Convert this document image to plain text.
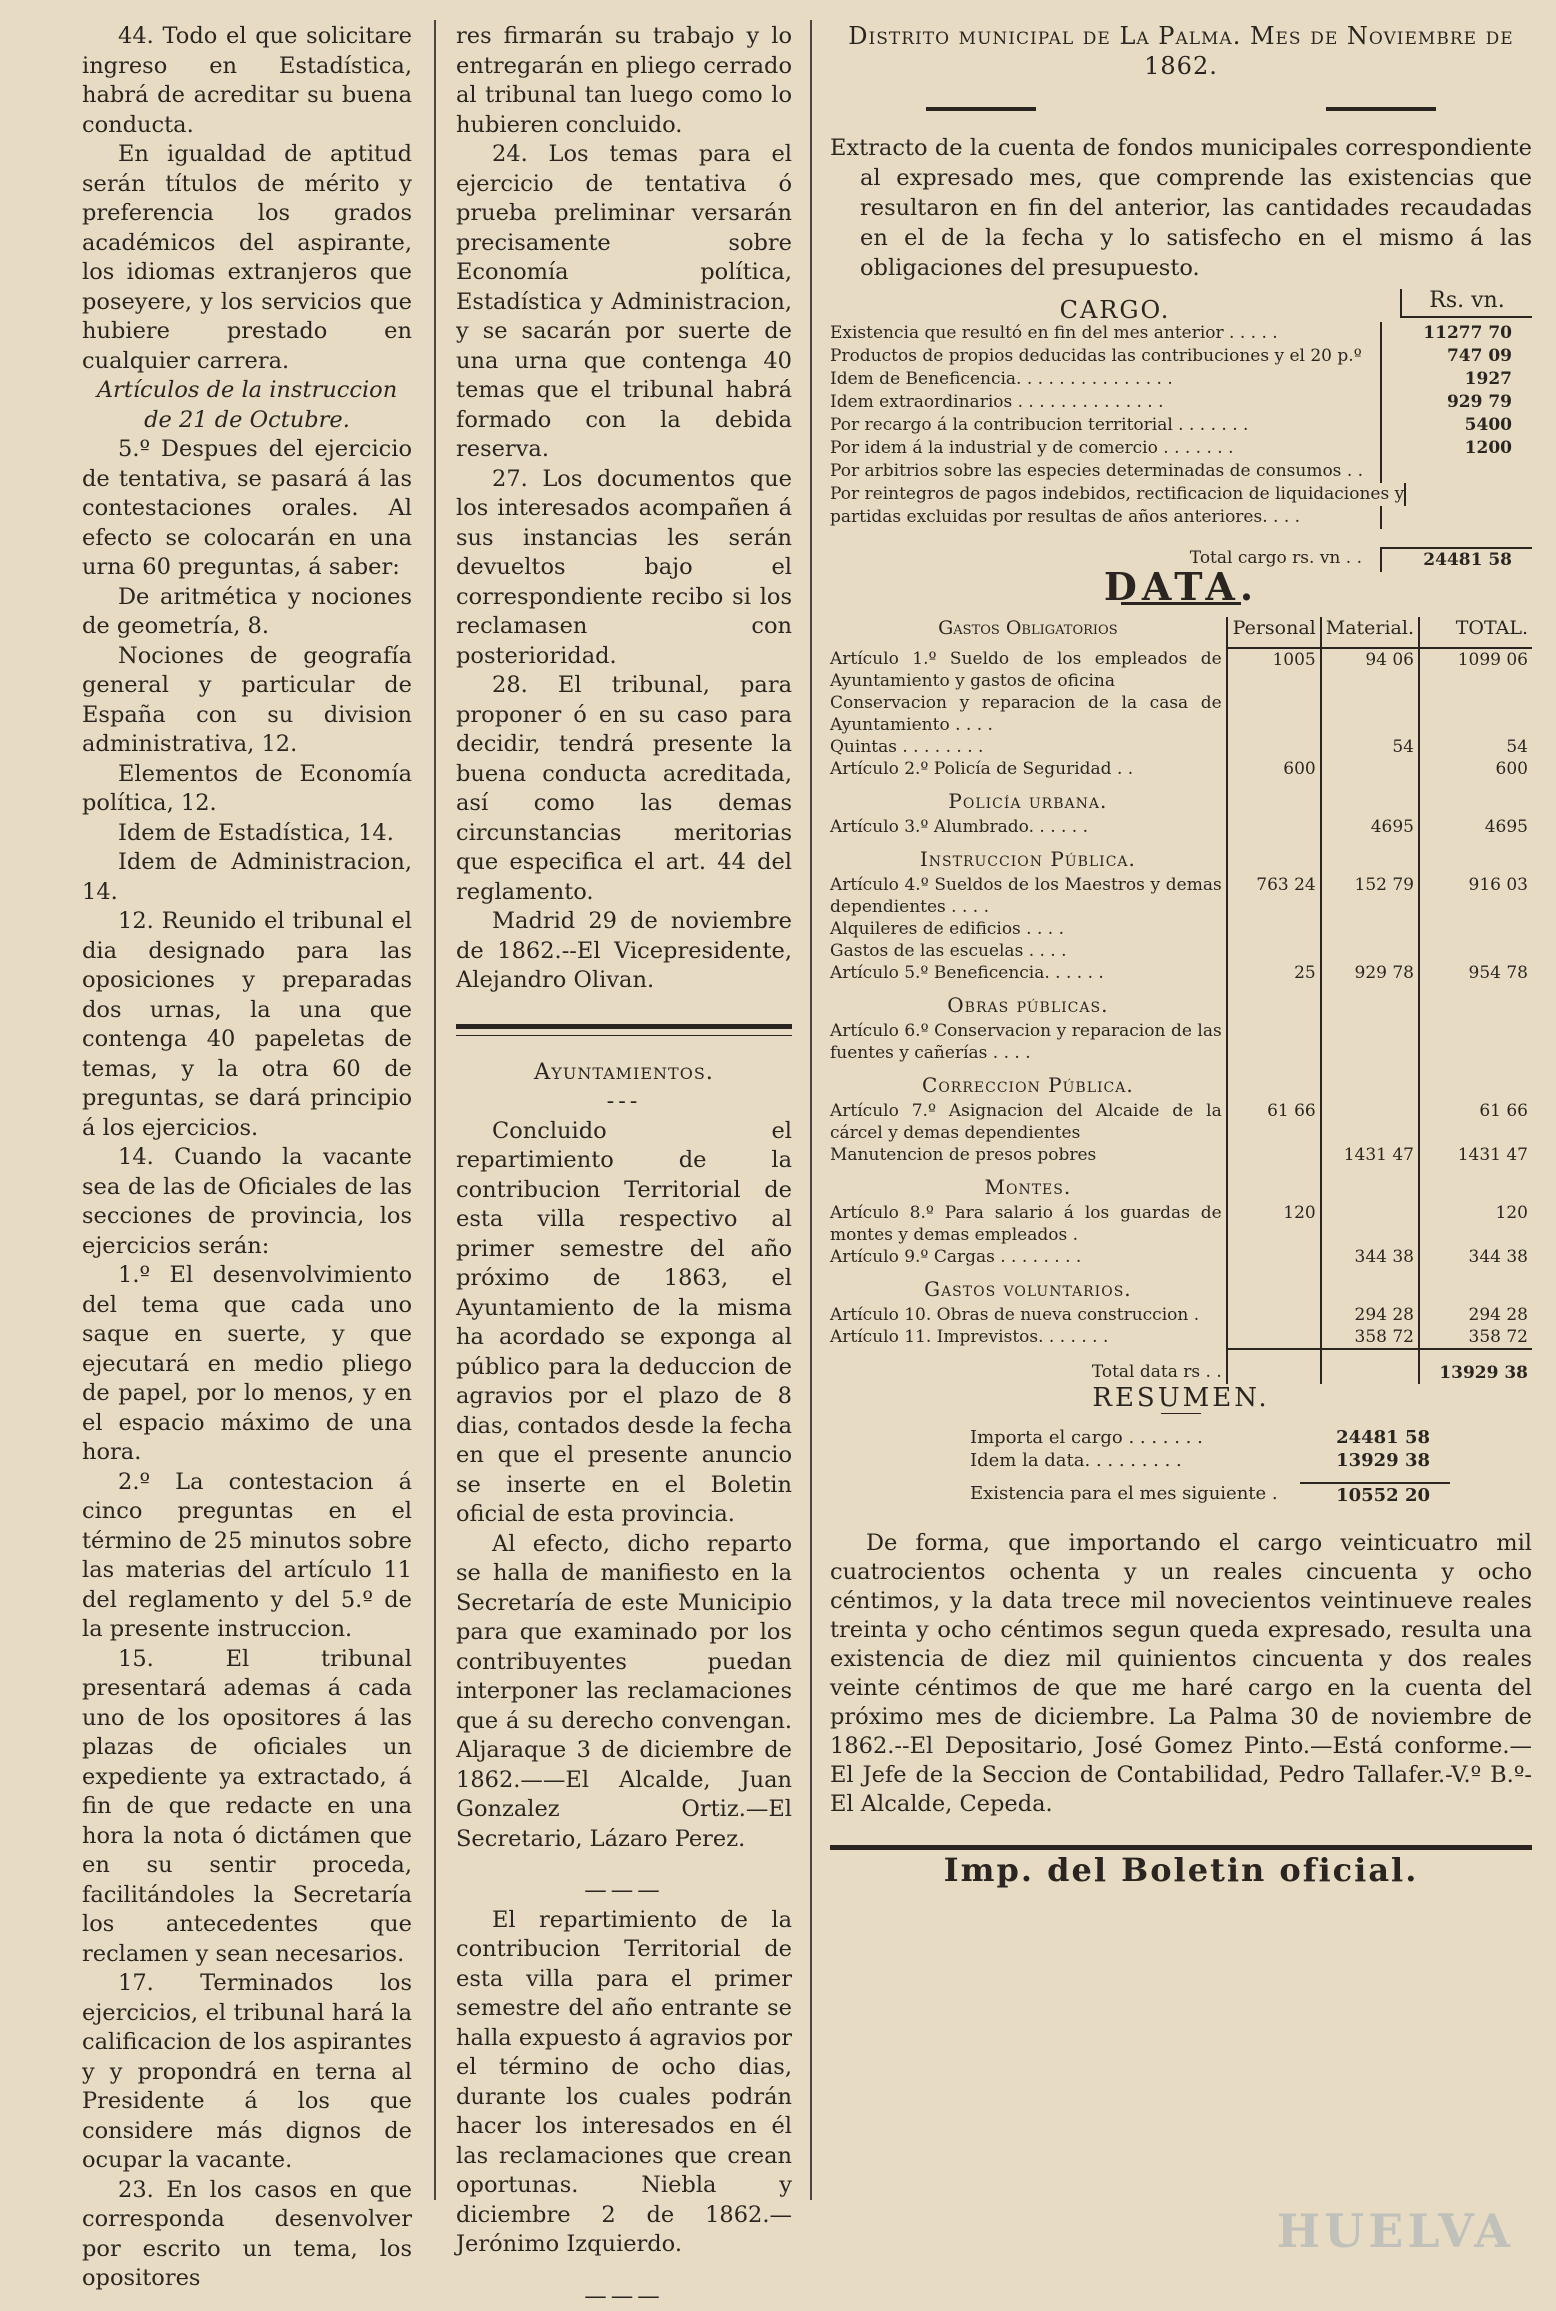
44. Todo el que solicitare ingreso en Estadística, habrá de acreditar su buena conducta.

En igualdad de aptitud serán títulos de mérito y preferencia los grados académicos del aspirante, los idiomas extranjeros que poseyere, y los servicios que hubiere prestado en cualquier carrera.

Artículos de la instruccion de 21 de Octubre.

5.º Despues del ejercicio de tentativa, se pasará á las contestaciones orales. Al efecto se colocarán en una urna 60 preguntas, á saber:

De aritmética y nociones de geometría, 8.

Nociones de geografía general y particular de España con su division administrativa, 12.

Elementos de Economía política, 12.

Idem de Estadística, 14.

Idem de Administracion, 14.

12. Reunido el tribunal el dia designado para las oposiciones y preparadas dos urnas, la una que contenga 40 papeletas de temas, y la otra 60 de preguntas, se dará principio á los ejercicios.

14. Cuando la vacante sea de las de Oficiales de las secciones de provincia, los ejercicios serán:

1.º El desenvolvimiento del tema que cada uno saque en suerte, y que ejecutará en medio pliego de papel, por lo menos, y en el espacio máximo de una hora.

2.º La contestacion á cinco preguntas en el término de 25 minutos sobre las materias del artículo 11 del reglamento y del 5.º de la presente instruccion.

15. El tribunal presentará ademas á cada uno de los opositores á las plazas de oficiales un expediente ya extractado, á fin de que redacte en una hora la nota ó dictámen que en su sentir proceda, facilitándoles la Secretaría los antecedentes que reclamen y sean necesarios.

17. Terminados los ejercicios, el tribunal hará la calificacion de los aspirantes y y propondrá en terna al Presidente á los que considere más dignos de ocupar la vacante.

23. En los casos en que corresponda desenvolver por escrito un tema, los opositores

res firmarán su trabajo y lo entregarán en pliego cerrado al tribunal tan luego como lo hubieren concluido.

24. Los temas para el ejercicio de tentativa ó prueba preliminar versarán precisamente sobre Economía política, Estadística y Administracion, y se sacarán por suerte de una urna que contenga 40 temas que el tribunal habrá formado con la debida reserva.

27. Los documentos que los interesados acompañen á sus instancias les serán devueltos bajo el correspondiente recibo si los reclamasen con posterioridad.

28. El tribunal, para proponer ó en su caso para decidir, tendrá presente la buena conducta acreditada, así como las demas circunstancias meritorias que especifica el art. 44 del reglamento.

Madrid 29 de noviembre de 1862.--El Vicepresidente, Alejandro Olivan.

Ayuntamientos.

---

Concluido el repartimiento de la contribucion Territorial de esta villa respectivo al primer semestre del año próximo de 1863, el Ayuntamiento de la misma ha acordado se exponga al público para la deduccion de agravios por el plazo de 8 dias, contados desde la fecha en que el presente anuncio se inserte en el Boletin oficial de esta provincia.

Al efecto, dicho reparto se halla de manifiesto en la Secretaría de este Municipio para que examinado por los contribuyentes puedan interponer las reclamaciones que á su derecho convengan. Aljaraque 3 de diciembre de 1862.——El Alcalde, Juan Gonzalez Ortiz.—El Secretario, Lázaro Perez.

———

El repartimiento de la contribucion Territorial de esta villa para el primer semestre del año entrante se halla expuesto á agravios por el término de ocho dias, durante los cuales podrán hacer los interesados en él las reclamaciones que crean oportunas. Niebla y diciembre 2 de 1862.—Jerónimo Izquierdo.

———

Distrito municipal de La Palma. Mes de Noviembre de 1862.

Extracto de la cuenta de fondos municipales correspondiente al expresado mes, que comprende las existencias que resultaron en fin del anterior, las cantidades recaudadas en el de la fecha y lo satisfecho en el mismo á las obligaciones del presupuesto.

CARGO.	Rs. vn.
Existencia que resultó en fin del mes anterior . . . . .	11277 70
Productos de propios deducidas las contribuciones y el 20 p.º	747 09
Idem de Beneficencia. . . . . . . . . . . . . . .	1927
Idem extraordinarios . . . . . . . . . . . . . .	929 79
Por recargo á la contribucion territorial . . . . . . .	5400
Por idem á la industrial y de comercio . . . . . . .	1200
Por arbitrios sobre las especies determinadas de consumos . .
Por reintegros de pagos indebidos, rectificacion de liquidaciones y
partidas excluidas por resultas de años anteriores. . . .
Total cargo rs. vn . .	24481 58

DATA.

Gastos Obligatorios	Personal	Material.	TOTAL.
Artículo 1.º Sueldo de los empleados de Ayuntamiento y gastos de oficina	1005	94 06	1099 06
Conservacion y reparacion de la casa de Ayuntamiento . . . .			
Quintas . . . . . . . .		54	54
Artículo 2.º Policía de Seguridad . .	600		600
Policía urbana.			
Artículo 3.º Alumbrado. . . . . .		4695	4695
Instruccion Pública.			
Artículo 4.º Sueldos de los Maestros y demas dependientes . . . .	763 24	152 79	916 03
Alquileres de edificios . . . .			
Gastos de las escuelas . . . .			
Artículo 5.º Beneficencia. . . . . .	25	929 78	954 78
Obras públicas.			
Artículo 6.º Conservacion y reparacion de las fuentes y cañerías . . . .			
Correccion Pública.			
Artículo 7.º Asignacion del Alcaide de la cárcel y demas dependientes	61 66		61 66
Manutencion de presos pobres		1431 47	1431 47
Montes.			
Artículo 8.º Para salario á los guardas de montes y demas empleados .	120		120
Artículo 9.º Cargas . . . . . . . .		344 38	344 38
Gastos voluntarios.			
Artículo 10. Obras de nueva construccion .		294 28	294 28
Artículo 11. Imprevistos. . . . . . .		358 72	358 72
Total data rs . .			13929 38

RESUMEN.

Importa el cargo . . . . . . .	24481 58
Idem la data. . . . . . . . .	13929 38
Existencia para el mes siguiente .	10552 20

De forma, que importando el cargo veinticuatro mil cuatrocientos ochenta y un reales cincuenta y ocho céntimos, y la data trece mil novecientos veintinueve reales treinta y ocho céntimos segun queda expresado, resulta una existencia de diez mil quinientos cincuenta y dos reales veinte céntimos de que me haré cargo en la cuenta del próximo mes de diciembre. La Palma 30 de noviembre de 1862.--El Depositario, José Gomez Pinto.—Está conforme.—El Jefe de la Seccion de Contabilidad, Pedro Tallafer.-V.º B.º-El Alcalde, Cepeda.

Imp. del Boletin oficial.

HUELVA
